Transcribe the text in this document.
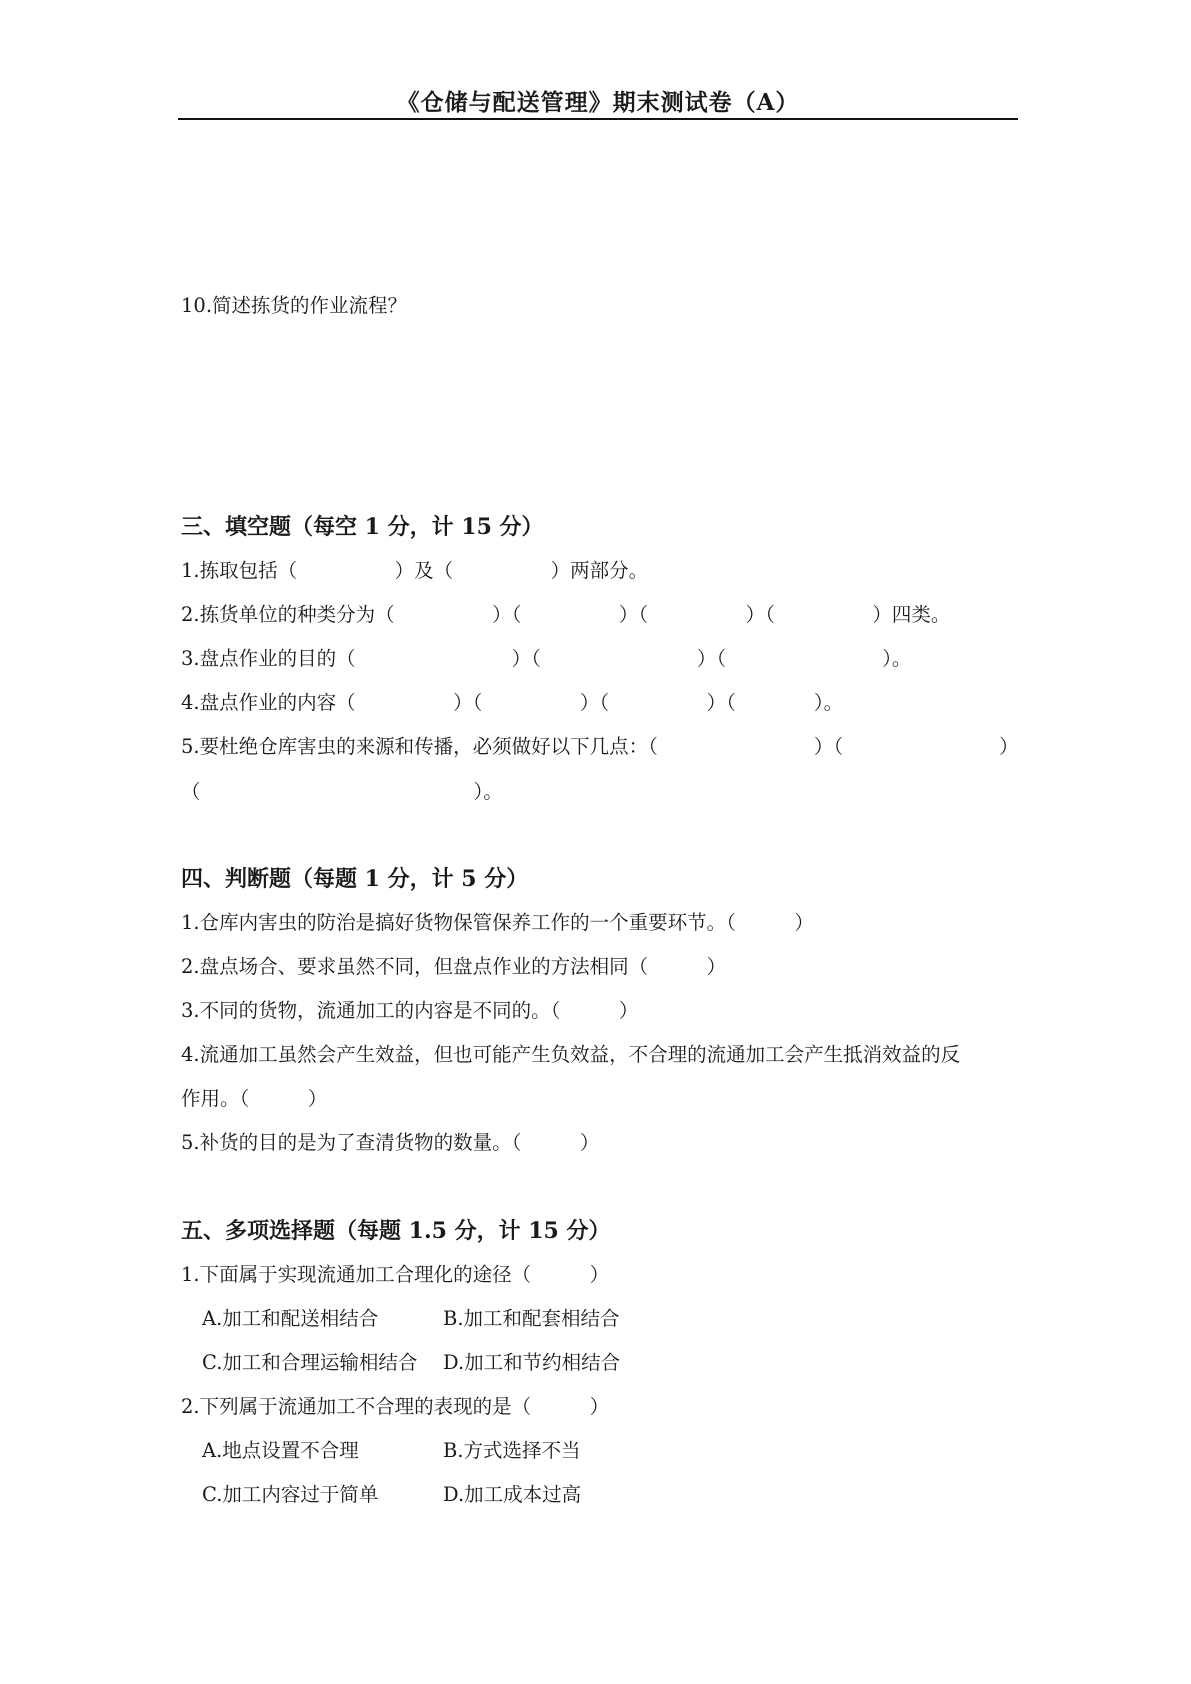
《仓储与配送管理》期末测试卷（A）
10.简述拣货的作业流程？
三、填空题（每空 1 分，计 15 分）
1.拣取包括（　　　　　）及（　　　　　）两部分。
2.拣货单位的种类分为（　　　　　）（　　　　　）（　　　　　）（　　　　　）四类。
3.盘点作业的目的（　　　　　　　　）（　　　　　　　　）（　　　　　　　　）。
4.盘点作业的内容（　　　　　）（　　　　　）（　　　　　）（　　　　）。
5.要杜绝仓库害虫的来源和传播，必须做好以下几点：（　　　　　　　　）（　　　　　　　　）
（　　　　　　　　　　　　　　）。
四、判断题（每题 1 分，计 5 分）
1.仓库内害虫的防治是搞好货物保管保养工作的一个重要环节。（　　　）
2.盘点场合、要求虽然不同，但盘点作业的方法相同（　　　）
3.不同的货物，流通加工的内容是不同的。（　　　）
4.流通加工虽然会产生效益，但也可能产生负效益，不合理的流通加工会产生抵消效益的反
作用。（　　　）
5.补货的目的是为了查清货物的数量。（　　　）
五、多项选择题（每题 1.5 分，计 15 分）
1.下面属于实现流通加工合理化的途径（　　　）
A.加工和配送相结合	B.加工和配套相结合
C.加工和合理运输相结合 D.加工和节约相结合
2.下列属于流通加工不合理的表现的是（　　　）
A.地点设置不合理	B.方式选择不当
C.加工内容过于简单	D.加工成本过高
